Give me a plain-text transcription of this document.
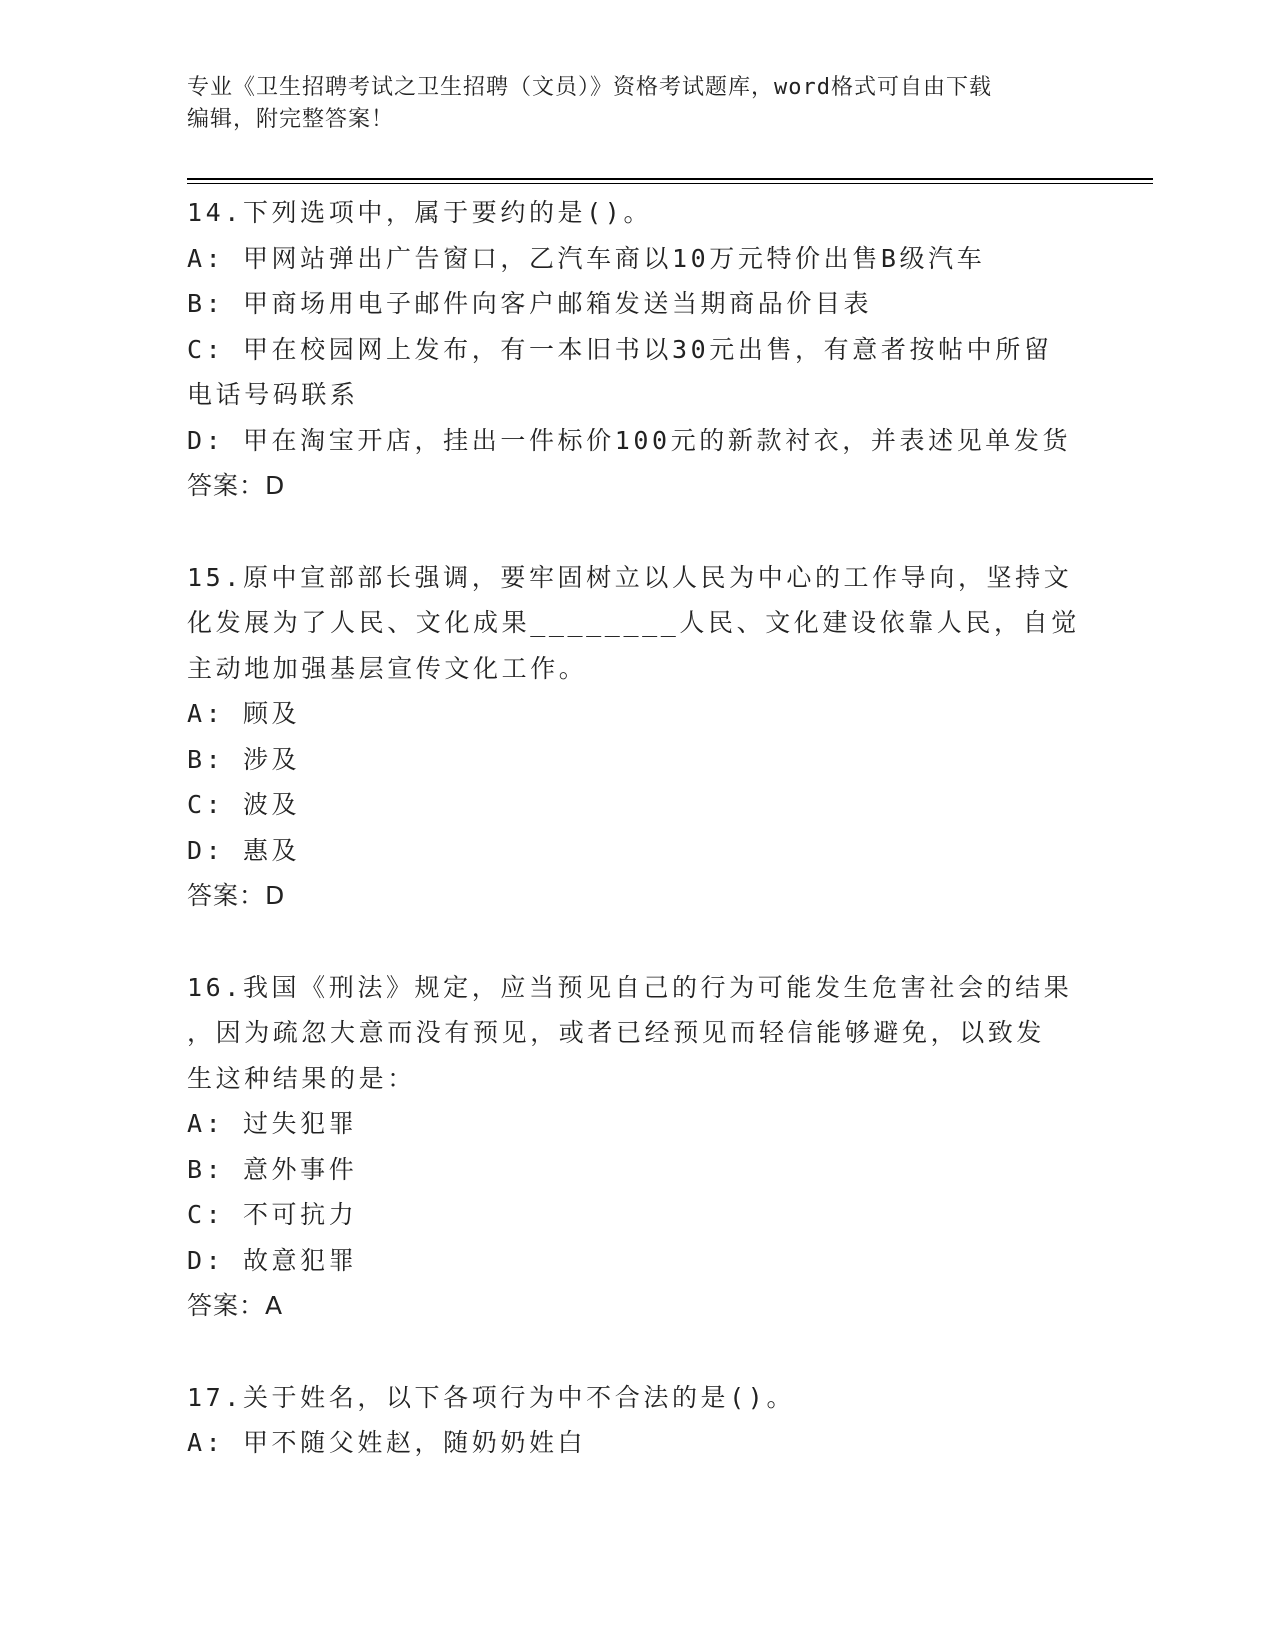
专业《卫生招聘考试之卫生招聘（文员）》资格考试题库，word格式可自由下载
编辑，附完整答案！
14.下列选项中，属于要约的是()。
A: 甲网站弹出广告窗口，乙汽车商以10万元特价出售B级汽车
B: 甲商场用电子邮件向客户邮箱发送当期商品价目表
C: 甲在校园网上发布，有一本旧书以30元出售，有意者按帖中所留
电话号码联系
D: 甲在淘宝开店，挂出一件标价100元的新款衬衣，并表述见单发货
答案：D
15.原中宣部部长强调，要牢固树立以人民为中心的工作导向，坚持文
化发展为了人民、文化成果________人民、文化建设依靠人民，自觉
主动地加强基层宣传文化工作。
A: 顾及
B: 涉及
C: 波及
D: 惠及
答案：D
16.我国《刑法》规定，应当预见自己的行为可能发生危害社会的结果
，因为疏忽大意而没有预见，或者已经预见而轻信能够避免，以致发
生这种结果的是：
A: 过失犯罪
B: 意外事件
C: 不可抗力
D: 故意犯罪
答案：A
17.关于姓名，以下各项行为中不合法的是()。
A: 甲不随父姓赵，随奶奶姓白
